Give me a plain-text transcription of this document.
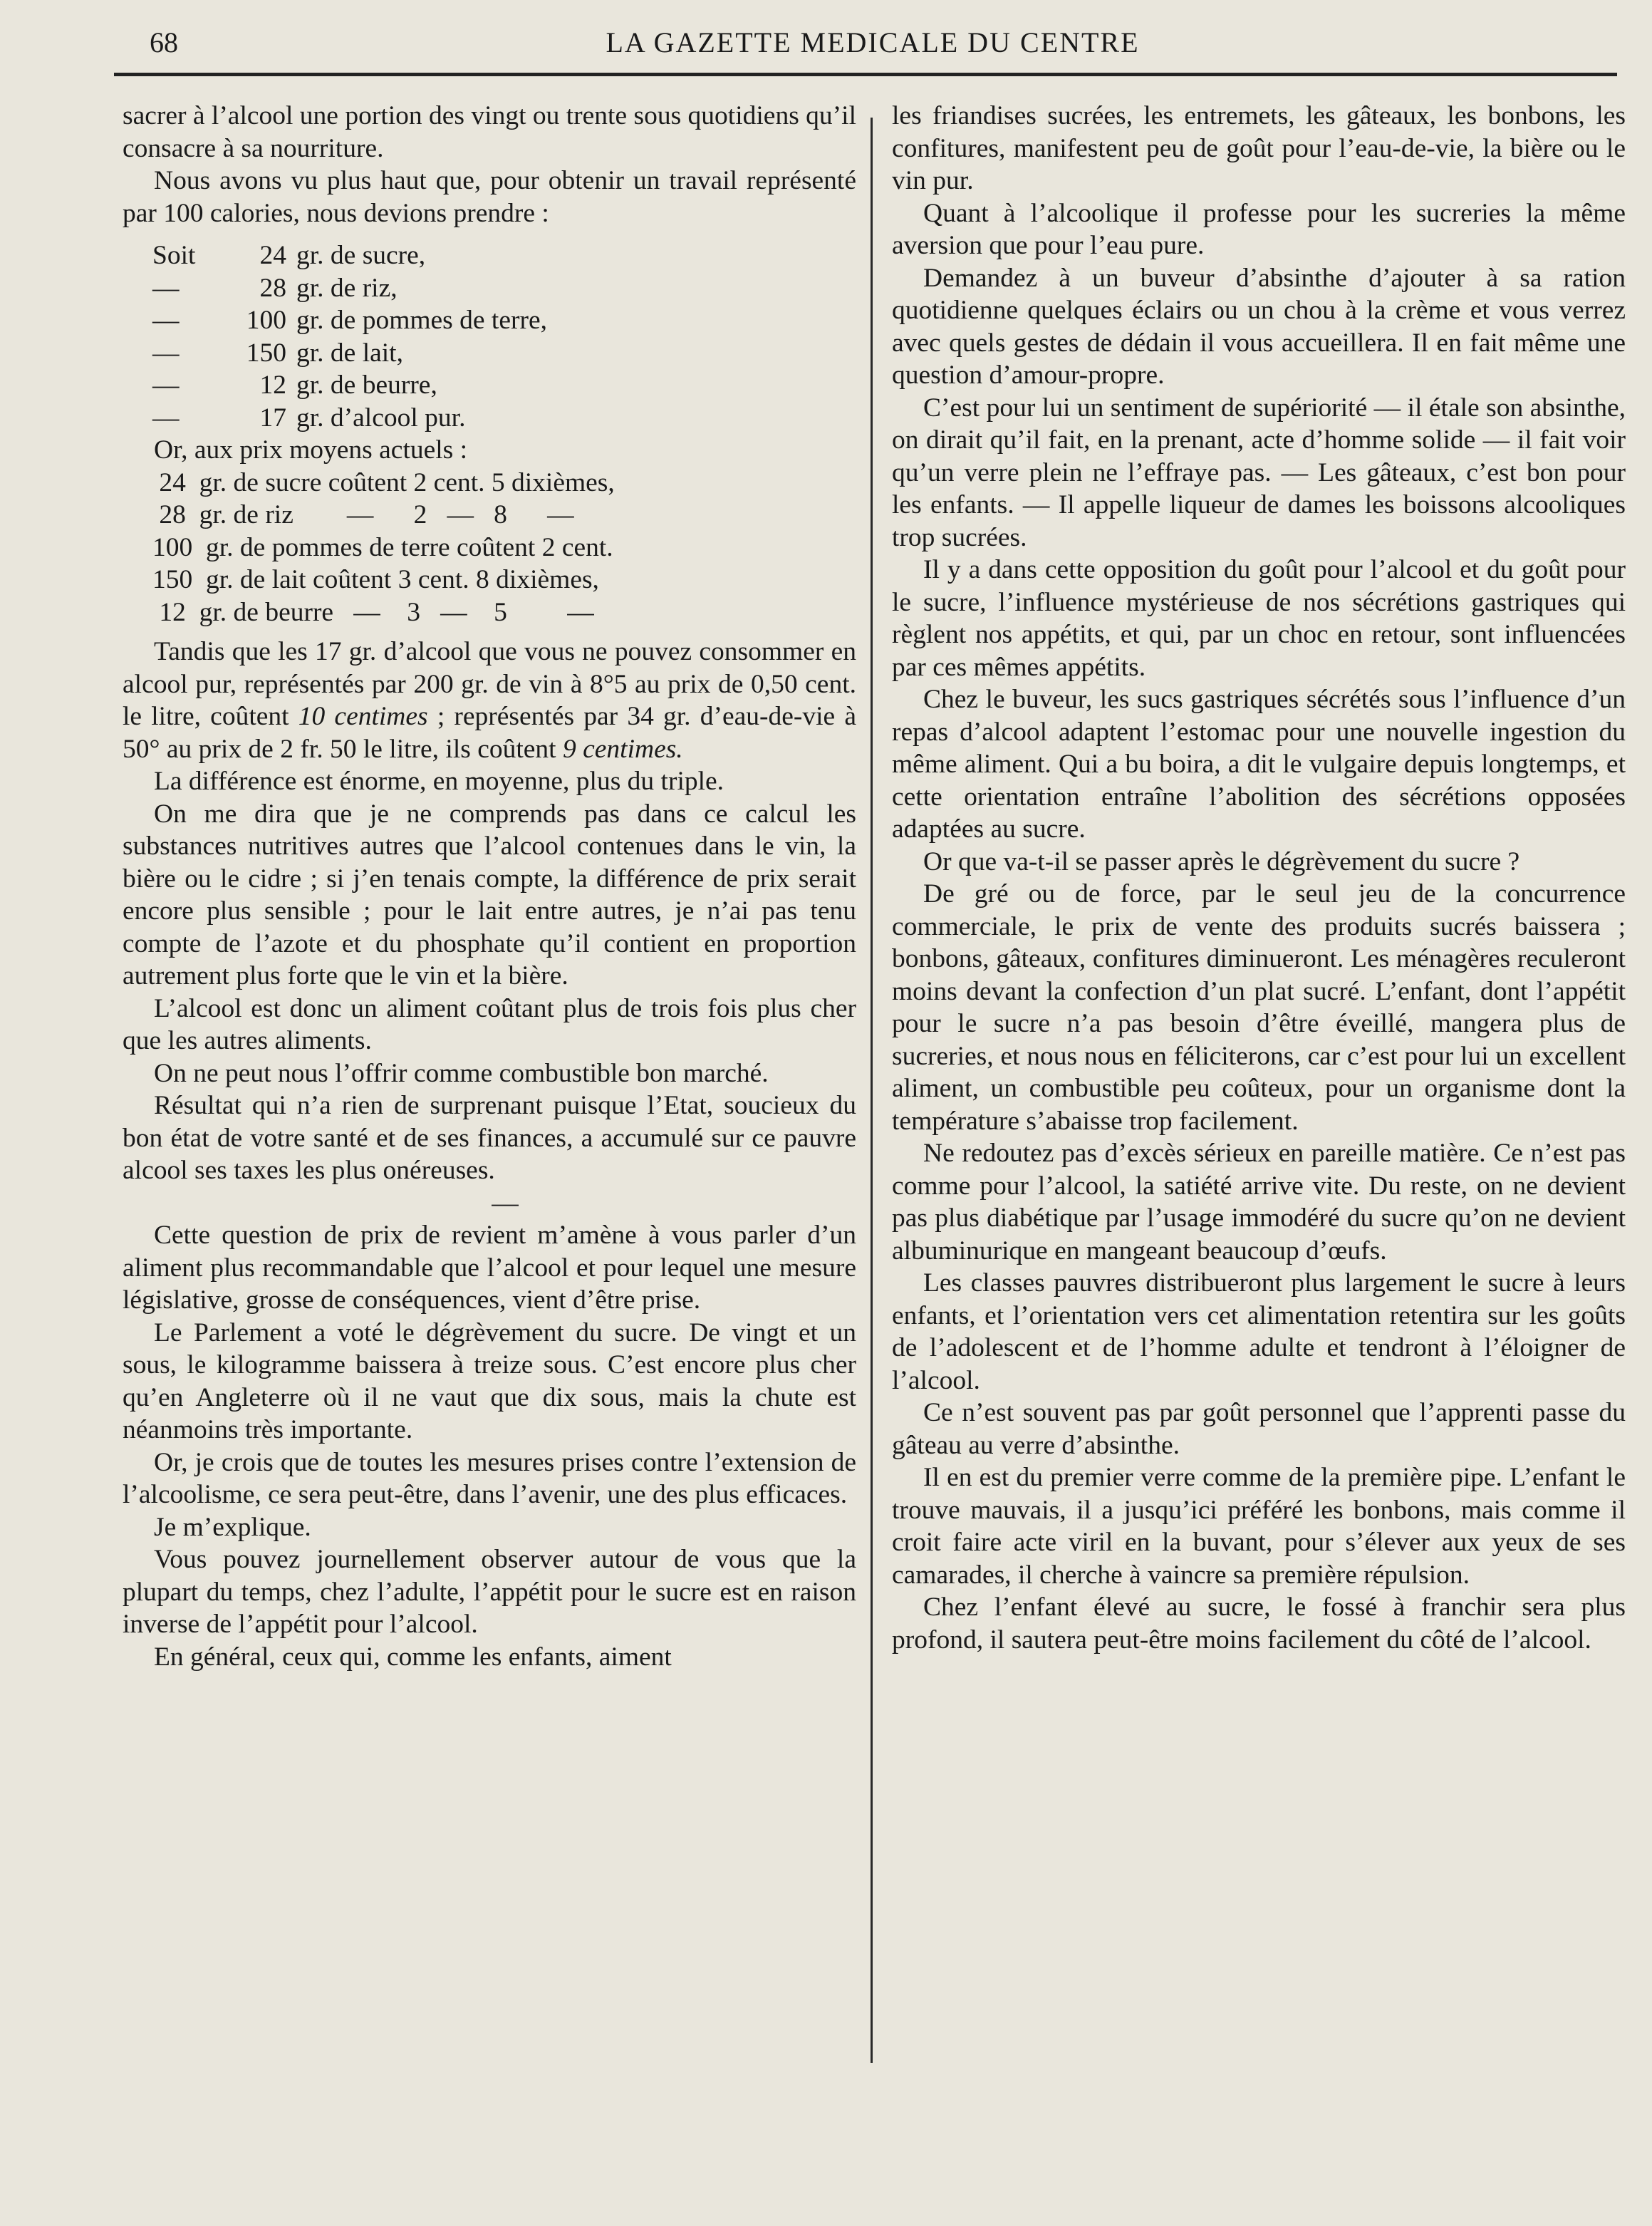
68	LA GAZETTE MEDICALE DU CENTRE

sacrer à l’alcool une portion des vingt ou trente sous quotidiens qu’il consacre à sa nourriture.

Nous avons vu plus haut que, pour obtenir un travail représenté par 100 calories, nous devions prendre :

Soit	24 gr. de sucre,
—	28 gr. de riz,
—	100 gr. de pommes de terre,
—	150 gr. de lait,
—	12 gr. de beurre,
—	17 gr. d’alcool pur.

Or, aux prix moyens actuels :

24  gr. de sucre coûtent 2 cent. 5 dixièmes,
28  gr. de riz        —      2   —   8      —
100  gr. de pommes de terre coûtent 2 cent.
150  gr. de lait coûtent 3 cent. 8 dixièmes,
12  gr. de beurre   —    3   —    5         —

Tandis que les 17 gr. d’alcool que vous ne pouvez consommer en alcool pur, représentés par 200 gr. de vin à 8°5 au prix de 0,50 cent. le litre, coûtent 10 centimes ; représentés par 34 gr. d’eau-de-vie à 50° au prix de 2 fr. 50 le litre, ils coûtent 9 centimes.

La différence est énorme, en moyenne, plus du triple.

On me dira que je ne comprends pas dans ce calcul les substances nutritives autres que l’alcool contenues dans le vin, la bière ou le cidre ; si j’en tenais compte, la différence de prix serait encore plus sensible ; pour le lait entre autres, je n’ai pas tenu compte de l’azote et du phosphate qu’il contient en proportion autrement plus forte que le vin et la bière.

L’alcool est donc un aliment coûtant plus de trois fois plus cher que les autres aliments.

On ne peut nous l’offrir comme combustible bon marché.

Résultat qui n’a rien de surprenant puisque l’Etat, soucieux du bon état de votre santé et de ses finances, a accumulé sur ce pauvre alcool ses taxes les plus onéreuses.

—

Cette question de prix de revient m’amène à vous parler d’un aliment plus recommandable que l’alcool et pour lequel une mesure législative, grosse de conséquences, vient d’être prise.

Le Parlement a voté le dégrèvement du sucre. De vingt et un sous, le kilogramme baissera à treize sous. C’est encore plus cher qu’en Angleterre où il ne vaut que dix sous, mais la chute est néanmoins très importante.

Or, je crois que de toutes les mesures prises contre l’extension de l’alcoolisme, ce sera peut-être, dans l’avenir, une des plus efficaces.

Je m’explique.

Vous pouvez journellement observer autour de vous que la plupart du temps, chez l’adulte, l’appétit pour le sucre est en raison inverse de l’appétit pour l’alcool.

En général, ceux qui, comme les enfants, aiment

les friandises sucrées, les entremets, les gâteaux, les bonbons, les confitures, manifestent peu de goût pour l’eau-de-vie, la bière ou le vin pur.

Quant à l’alcoolique il professe pour les sucreries la même aversion que pour l’eau pure.

Demandez à un buveur d’absinthe d’ajouter à sa ration quotidienne quelques éclairs ou un chou à la crème et vous verrez avec quels gestes de dédain il vous accueillera. Il en fait même une question d’amour-propre.

C’est pour lui un sentiment de supériorité — il étale son absinthe, on dirait qu’il fait, en la prenant, acte d’homme solide — il fait voir qu’un verre plein ne l’effraye pas. — Les gâteaux, c’est bon pour les enfants. — Il appelle liqueur de dames les boissons alcooliques trop sucrées.

Il y a dans cette opposition du goût pour l’alcool et du goût pour le sucre, l’influence mystérieuse de nos sécrétions gastriques qui règlent nos appétits, et qui, par un choc en retour, sont influencées par ces mêmes appétits.

Chez le buveur, les sucs gastriques sécrétés sous l’influence d’un repas d’alcool adaptent l’estomac pour une nouvelle ingestion du même aliment. Qui a bu boira, a dit le vulgaire depuis longtemps, et cette orientation entraîne l’abolition des sécrétions opposées adaptées au sucre.

Or que va-t-il se passer après le dégrèvement du sucre ?

De gré ou de force, par le seul jeu de la concurrence commerciale, le prix de vente des produits sucrés baissera ; bonbons, gâteaux, confitures diminueront. Les ménagères reculeront moins devant la confection d’un plat sucré. L’enfant, dont l’appétit pour le sucre n’a pas besoin d’être éveillé, mangera plus de sucreries, et nous nous en féliciterons, car c’est pour lui un excellent aliment, un combustible peu coûteux, pour un organisme dont la température s’abaisse trop facilement.

Ne redoutez pas d’excès sérieux en pareille matière. Ce n’est pas comme pour l’alcool, la satiété arrive vite. Du reste, on ne devient pas plus diabétique par l’usage immodéré du sucre qu’on ne devient albuminurique en mangeant beaucoup d’œufs.

Les classes pauvres distribueront plus largement le sucre à leurs enfants, et l’orientation vers cet alimentation retentira sur les goûts de l’adolescent et de l’homme adulte et tendront à l’éloigner de l’alcool.

Ce n’est souvent pas par goût personnel que l’apprenti passe du gâteau au verre d’absinthe.

Il en est du premier verre comme de la première pipe. L’enfant le trouve mauvais, il a jusqu’ici préféré les bonbons, mais comme il croit faire acte viril en la buvant, pour s’élever aux yeux de ses camarades, il cherche à vaincre sa première répulsion.

Chez l’enfant élevé au sucre, le fossé à franchir sera plus profond, il sautera peut-être moins facilement du côté de l’alcool.
